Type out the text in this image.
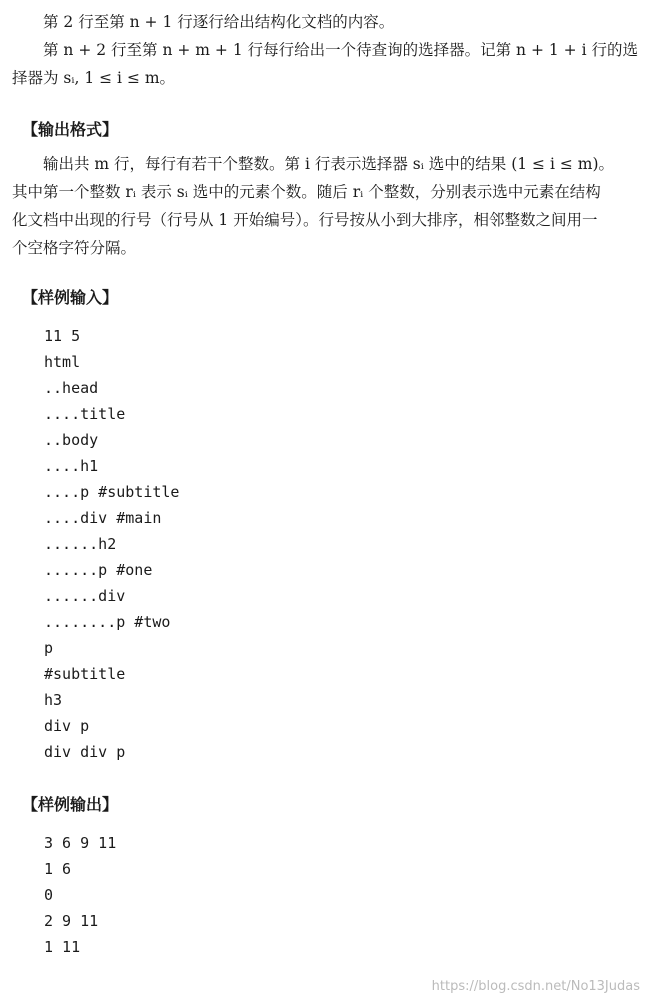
第 2 行至第 n + 1 行逐行给出结构化文档的内容。
第 n + 2 行至第 n + m + 1 行每行给出一个待查询的选择器。记第 n + 1 + i 行的选
择器为 sᵢ, 1 ≤ i ≤ m。
【输出格式】
输出共 m 行，每行有若干个整数。第 i 行表示选择器 sᵢ 选中的结果 (1 ≤ i ≤ m)。
其中第一个整数 rᵢ 表示 sᵢ 选中的元素个数。随后 rᵢ 个整数，分别表示选中元素在结构
化文档中出现的行号（行号从 1 开始编号）。行号按从小到大排序，相邻整数之间用一
个空格字符分隔。
【样例输入】
11 5
html
..head
....title
..body
....h1
....p #subtitle
....div #main
......h2
......p #one
......div
........p #two
p
#subtitle
h3
div p
div div p
【样例输出】
3 6 9 11
1 6
0
2 9 11
1 11
https://blog.csdn.net/No13Judas
